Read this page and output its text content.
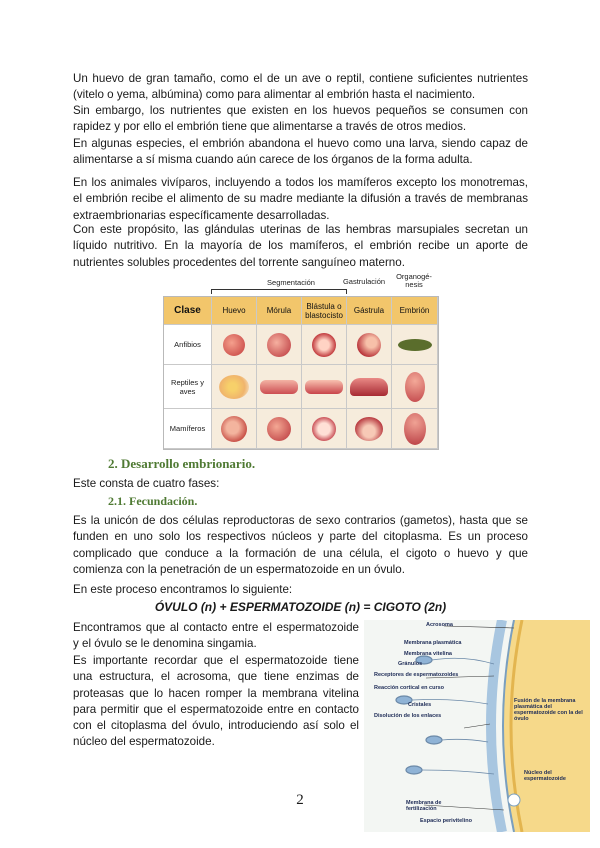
Un huevo de gran tamaño, como el de un ave o reptil, contiene suficientes nutrientes (vitelo o yema, albúmina) como para alimentar al embrión hasta el nacimiento.

Sin embargo, los nutrientes que existen en los huevos pequeños se consumen con rapidez y por ello el embrión tiene que alimentarse a través de otros medios.

En algunas especies, el embrión abandona el huevo como una larva, siendo capaz de alimentarse a sí misma cuando aún carece de los órganos de la forma adulta.

En los animales vivíparos, incluyendo a todos los mamíferos excepto los monotremas, el embrión recibe el alimento de su madre mediante la difusión a través de membranas extraembrionarias específicamente desarrolladas.

Con este propósito, las glándulas uterinas de las hembras marsupiales secretan un líquido nutritivo. En la mayoría de los mamíferos, el embrión recibe un aporte de nutrientes solubles procedentes del torrente sanguíneo materno.

Segmentación	Gastrulación
Organogé-
nesis
Clase	Huevo	Mórula	Blástula o blastocisto	Gástrula	Embrión
Anfibios
Reptiles y aves
Mamíferos
2. Desarrollo embrionario.

Este consta de cuatro fases:

2.1. Fecundación.

Es la unicón de dos células reproductoras de sexo contrarios (gametos), hasta que se funden en uno solo los respectivos núcleos y parte del citoplasma. Es un proceso complicado que conduce a la formación de una célula, el cigoto o huevo y que comienza con la penetración de un espermatozoide en un óvulo.

En este proceso encontramos lo siguiente:

ÓVULO (n) + ESPERMATOZOIDE (n) = CIGOTO (2n)

Encontramos que al contacto entre el espermatozoide y el óvulo se le denomina singamia.

Es importante recordar que el espermatozoide tiene una estructura, el acrosoma, que tiene enzimas de proteasas que lo hacen romper la membrana vitelina para permitir que el espermatozoide entre en contacto con el citoplasma del óvulo, introduciendo así solo el núcleo del espermatozoide.

Acrosoma
Membrana plasmática
Membrana vitelina
Gránulos
Receptores de espermatozoides
Reacción cortical en curso
Cristales
Disolución de los enlaces
Fusión de la membrana plasmática del espermatozoide con la del óvulo
Núcleo del espermatozoide
Membrana de fertilización
Espacio perivitelino
2
